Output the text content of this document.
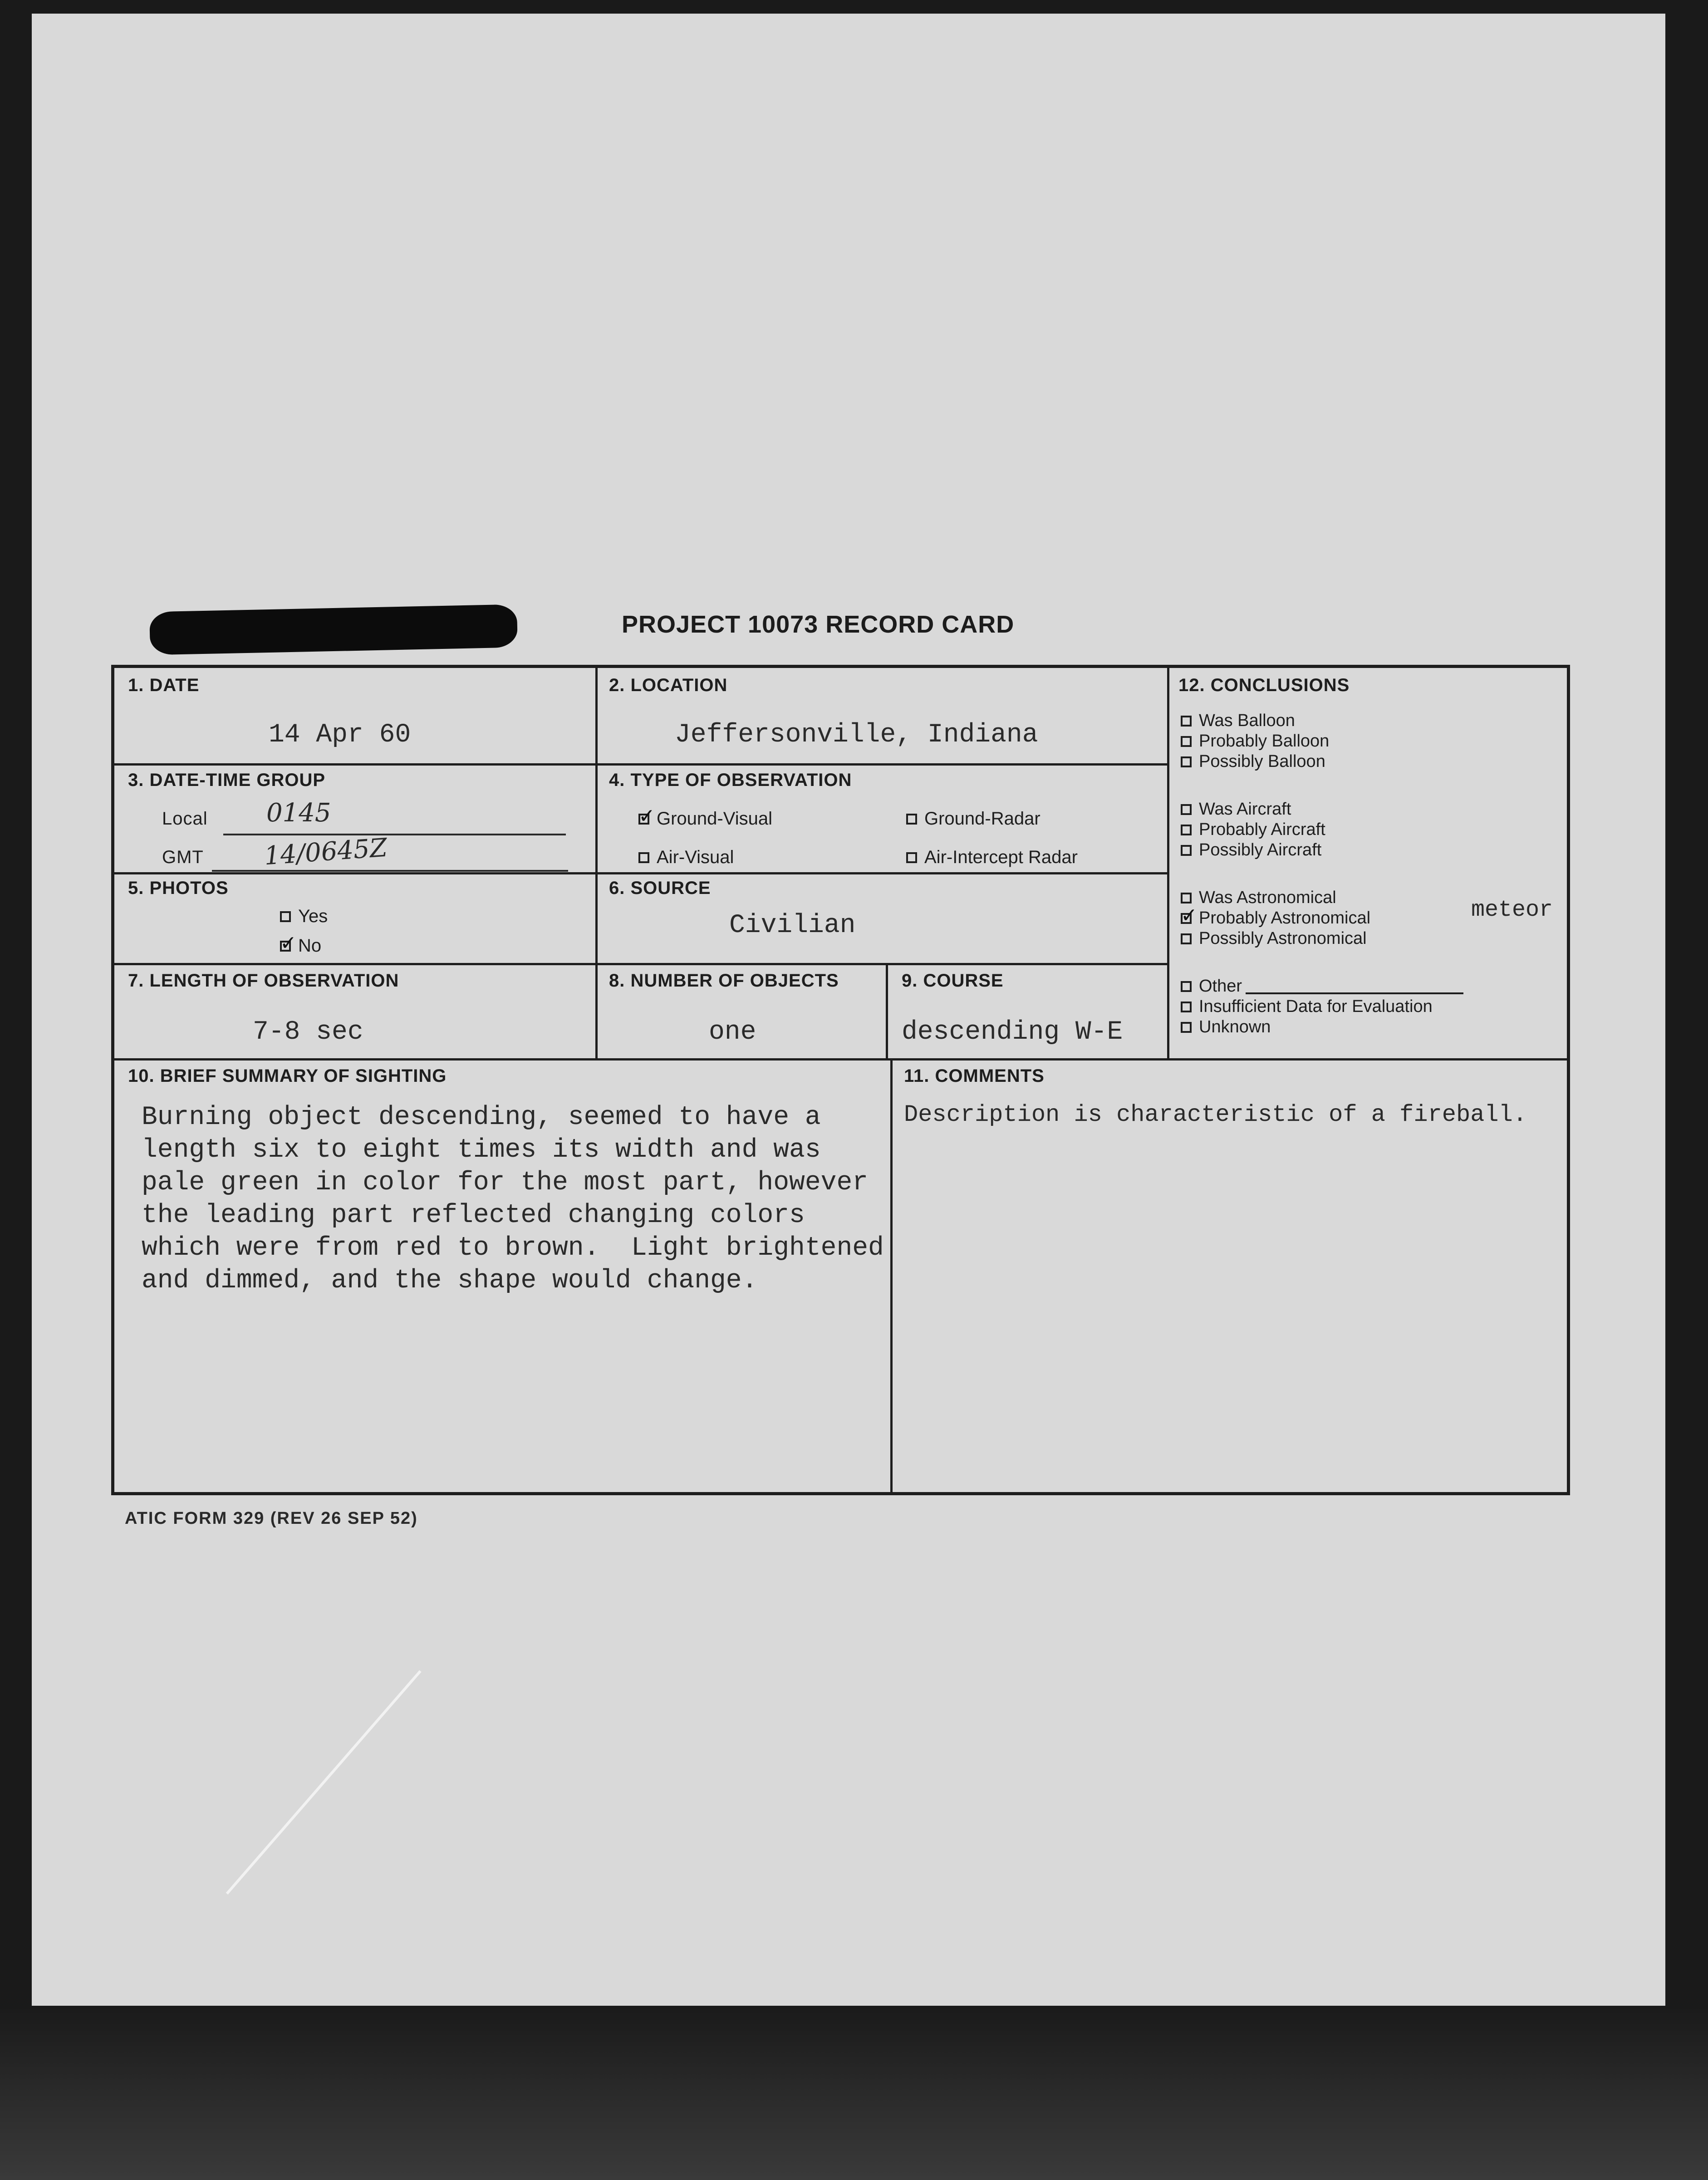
PROJECT 10073 RECORD CARD
1. DATE
14 Apr 60
2. LOCATION
Jeffersonville, Indiana
3. DATE-TIME GROUP
Local 0145
GMT 14/0645Z
4. TYPE OF OBSERVATION
✓
Ground-Visual	Ground-Radar
Air-Visual	Air-Intercept Radar
5. PHOTOS
Yes
✓
No
6. SOURCE
Civilian
7. LENGTH OF OBSERVATION
7-8 sec
8. NUMBER OF OBJECTS
one
9. COURSE
descending W-E
12. CONCLUSIONS
Was Balloon
Probably Balloon
Possibly Balloon
Was Aircraft
Probably Aircraft
Possibly Aircraft
Was Astronomical
✓
Probably Astronomical
Possibly Astronomical
Other
Insufficient Data for Evaluation
Unknown
meteor
10. BRIEF SUMMARY OF SIGHTING
Burning object descending, seemed to have a
length six to eight times its width and was
pale green in color for the most part, however
the leading part reflected changing colors
which were from red to brown.  Light brightened
and dimmed, and the shape would change.
11. COMMENTS
Description is characteristic of a fireball.
ATIC FORM 329 (REV 26 SEP 52)
